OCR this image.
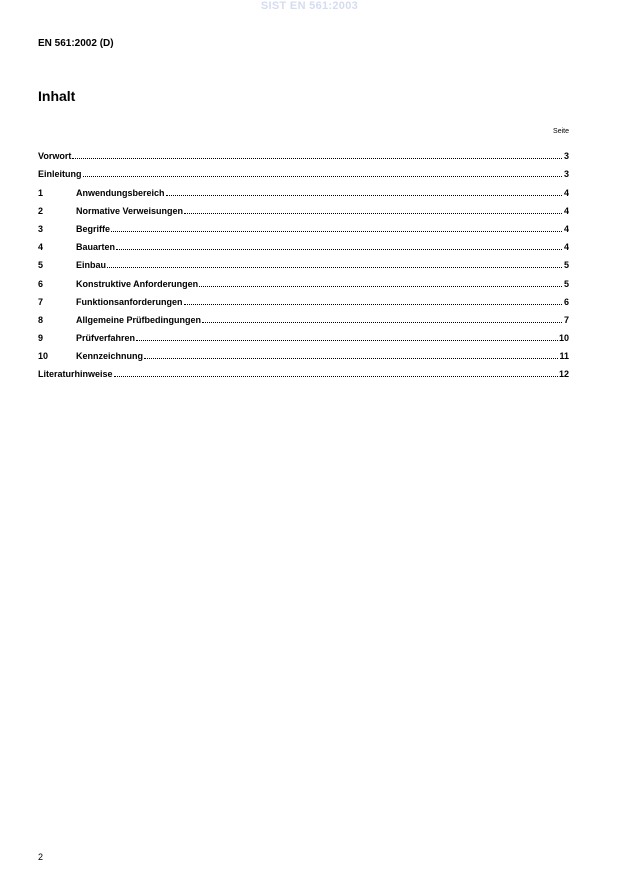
SIST EN 561:2003
EN 561:2002 (D)
Inhalt
Seite
Vorwort	3
Einleitung	3
1	Anwendungsbereich	4
2	Normative Verweisungen	4
3	Begriffe	4
4	Bauarten	4
5	Einbau	5
6	Konstruktive Anforderungen	5
7	Funktionsanforderungen	6
8	Allgemeine Prüfbedingungen	7
9	Prüfverfahren	10
10	Kennzeichnung	11
Literaturhinweise	12
2
